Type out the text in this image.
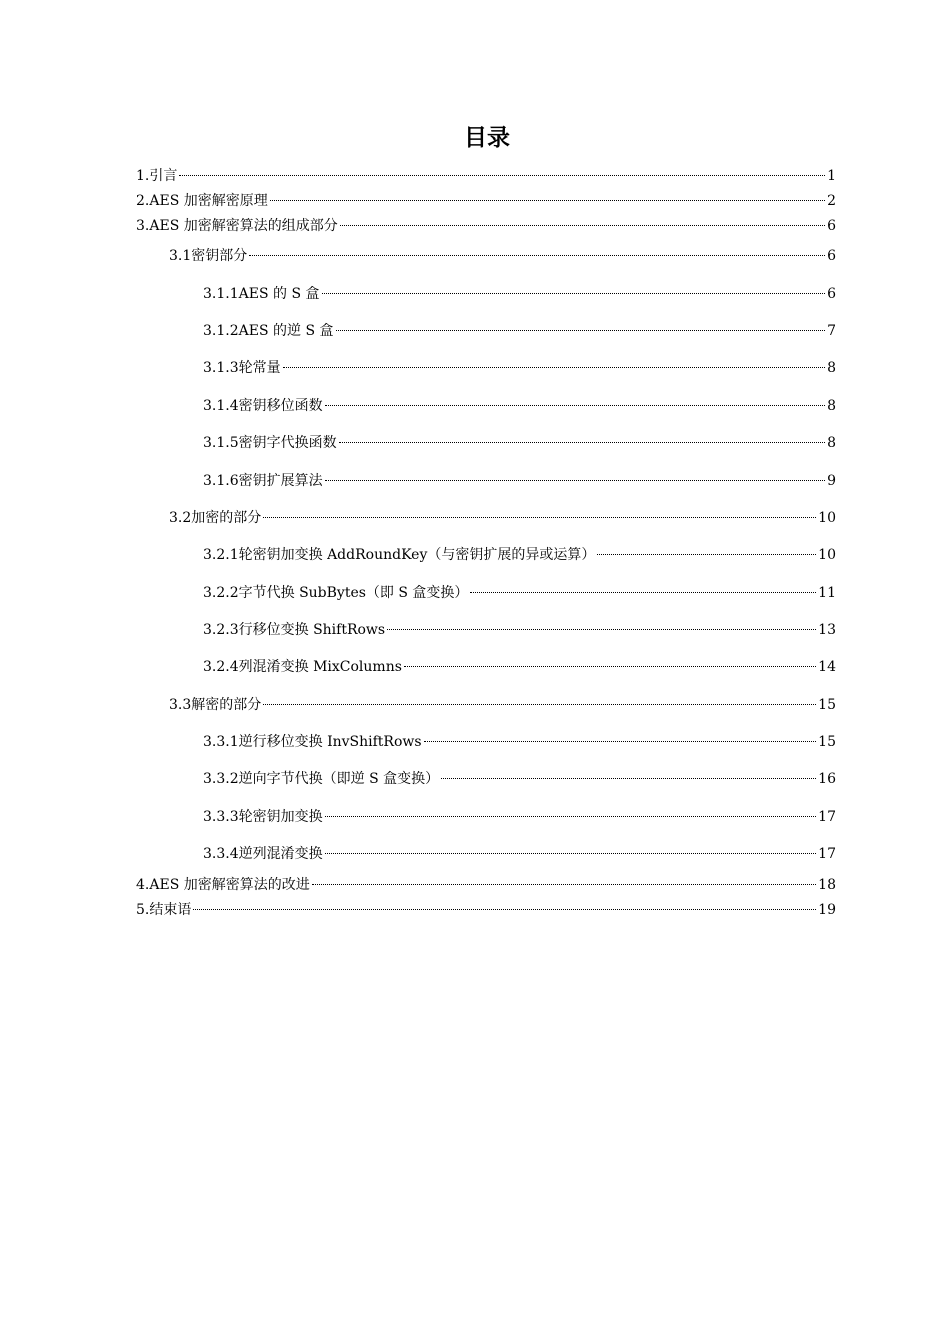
目录
1. 引言	1
2. AES 加密解密原理	2
3. AES 加密解密算法的组成部分	6
3.1 密钥部分	6
3.1.1 AES 的 S 盒	6
3.1.2 AES 的逆 S 盒	7
3.1.3 轮常量	8
3.1.4 密钥移位函数	8
3.1.5 密钥字代换函数	8
3.1.6 密钥扩展算法	9
3.2 加密的部分	10
3.2.1 轮密钥加变换 AddRoundKey（与密钥扩展的异或运算）	10
3.2.2 字节代换 SubBytes（即 S 盒变换）	11
3.2.3 行移位变换 ShiftRows	13
3.2.4 列混淆变换 MixColumns	14
3.3 解密的部分	15
3.3.1 逆行移位变换 InvShiftRows	15
3.3.2 逆向字节代换（即逆 S 盒变换）	16
3.3.3 轮密钥加变换	17
3.3.4 逆列混淆变换	17
4. AES 加密解密算法的改进	18
5. 结束语	19
